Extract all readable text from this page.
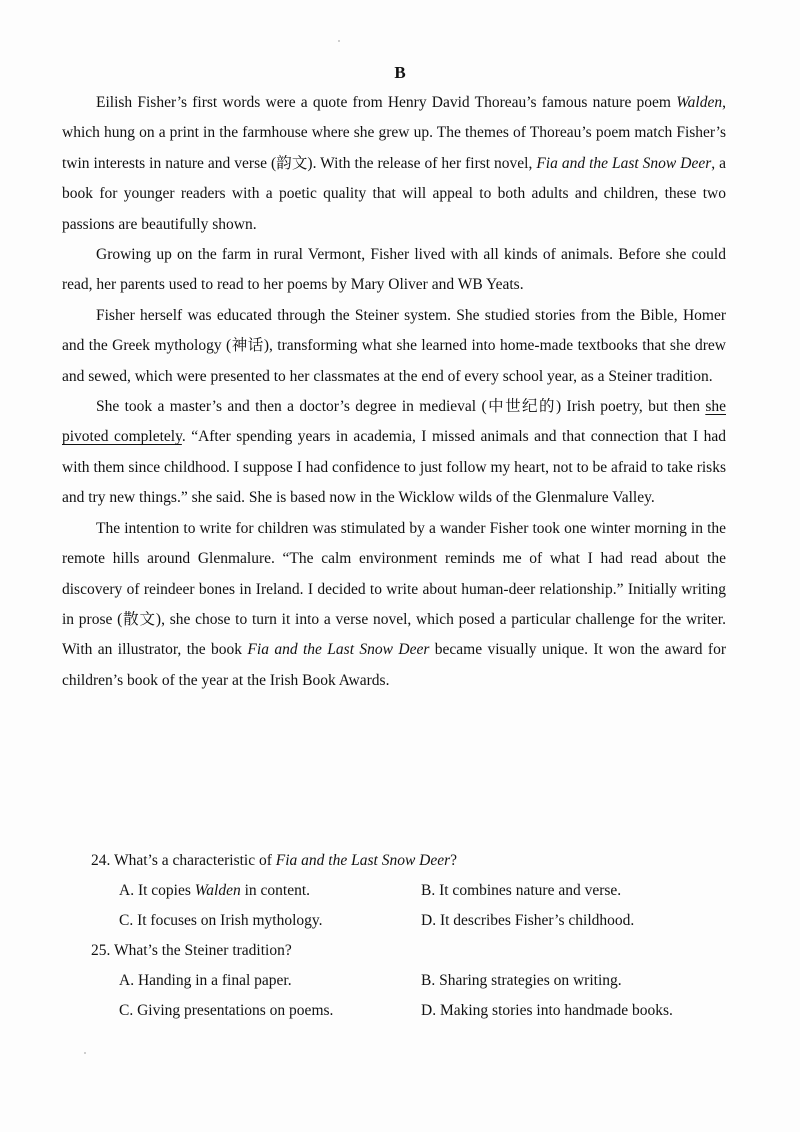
B

Eilish Fisher’s first words were a quote from Henry David Thoreau’s famous nature poem Walden, which hung on a print in the farmhouse where she grew up. The themes of Thoreau’s poem match Fisher’s twin interests in nature and verse (韵文). With the release of her first novel, Fia and the Last Snow Deer, a book for younger readers with a poetic quality that will appeal to both adults and children, these two passions are beautifully shown.

Growing up on the farm in rural Vermont, Fisher lived with all kinds of animals. Before she could read, her parents used to read to her poems by Mary Oliver and WB Yeats.

Fisher herself was educated through the Steiner system. She studied stories from the Bible, Homer and the Greek mythology (神话), transforming what she learned into home-made textbooks that she drew and sewed, which were presented to her classmates at the end of every school year, as a Steiner tradition.

She took a master’s and then a doctor’s degree in medieval (中世纪的) Irish poetry, but then she pivoted completely. “After spending years in academia, I missed animals and that connection that I had with them since childhood. I suppose I had confidence to just follow my heart, not to be afraid to take risks and try new things.” she said. She is based now in the Wicklow wilds of the Glenmalure Valley.

The intention to write for children was stimulated by a wander Fisher took one winter morning in the remote hills around Glenmalure. “The calm environment reminds me of what I had read about the discovery of reindeer bones in Ireland. I decided to write about human-deer relationship.” Initially writing in prose (散文), she chose to turn it into a verse novel, which posed a particular challenge for the writer. With an illustrator, the book Fia and the Last Snow Deer became visually unique. It won the award for children’s book of the year at the Irish Book Awards.

24. What’s a characteristic of Fia and the Last Snow Deer?
A. It copies Walden in content.	B. It combines nature and verse.
C. It focuses on Irish mythology.	D. It describes Fisher’s childhood.
25. What’s the Steiner tradition?
A. Handing in a final paper.	B. Sharing strategies on writing.
C. Giving presentations on poems.	D. Making stories into handmade books.
